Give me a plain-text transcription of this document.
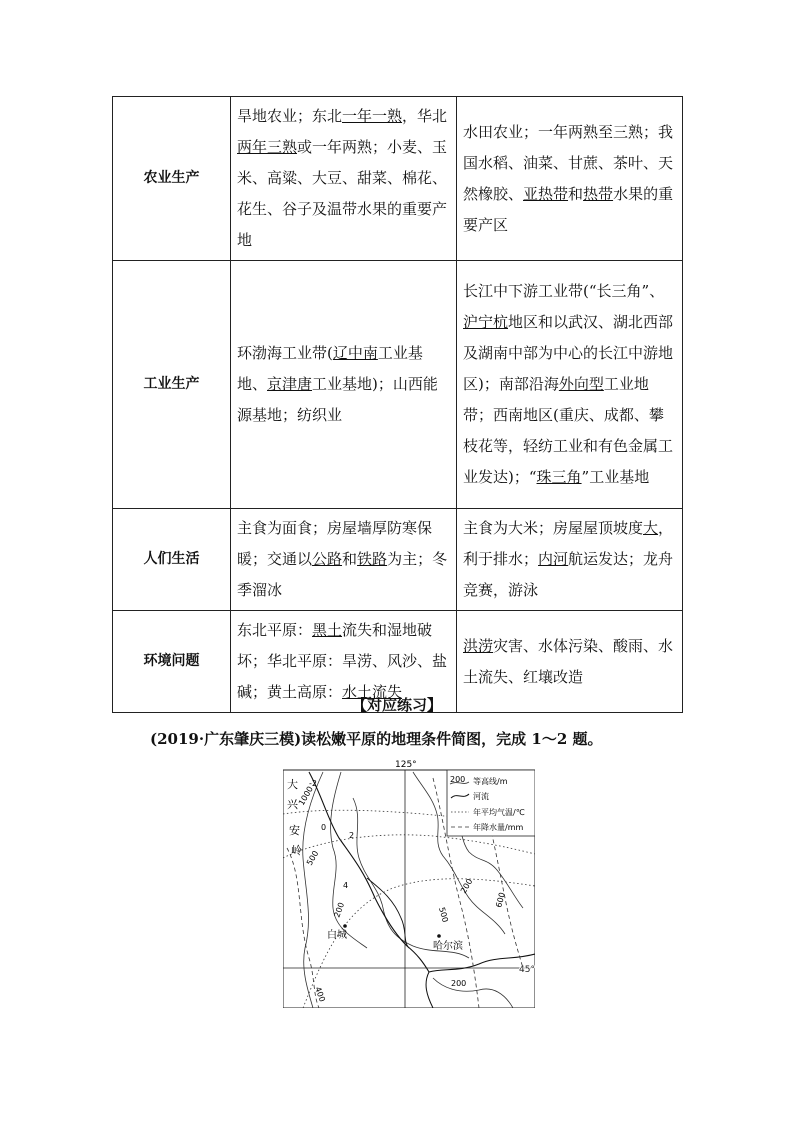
农业生产	旱地农业；东北一年一熟，华北两年三熟或一年两熟；小麦、玉米、高粱、大豆、甜菜、棉花、花生、谷子及温带水果的重要产地	水田农业；一年两熟至三熟；我国水稻、油菜、甘蔗、茶叶、天然橡胶、亚热带和热带水果的重要产区
工业生产	环渤海工业带(辽中南工业基地、京津唐工业基地)；山西能源基地；纺织业	长江中下游工业带(“长三角”、沪宁杭地区和以武汉、湖北西部及湖南中部为中心的长江中游地区)；南部沿海外向型工业地带；西南地区(重庆、成都、攀枝花等，轻纺工业和有色金属工业发达)；“珠三角”工业基地
人们生活	主食为面食；房屋墙厚防寒保暖；交通以公路和铁路为主；冬季溜冰	主食为大米；房屋屋顶坡度大，利于排水；内河航运发达；龙舟竞赛，游泳
环境问题	东北平原：黑土流失和湿地破坏；华北平原：旱涝、风沙、盐碱；黄土高原：水土流失	洪涝灾害、水体污染、酸雨、水土流失、红壤改造
【对应练习】
(2019·广东肇庆三模)读松嫩平原的地理条件简图，完成 1～2 题。
125°
45°
200 等高线/m
河流
年平均气温/℃
年降水量/mm
大
兴
安
岭
-2
0
2
4
1000
500
200
200
200
400
500
600
白城
哈尔滨
